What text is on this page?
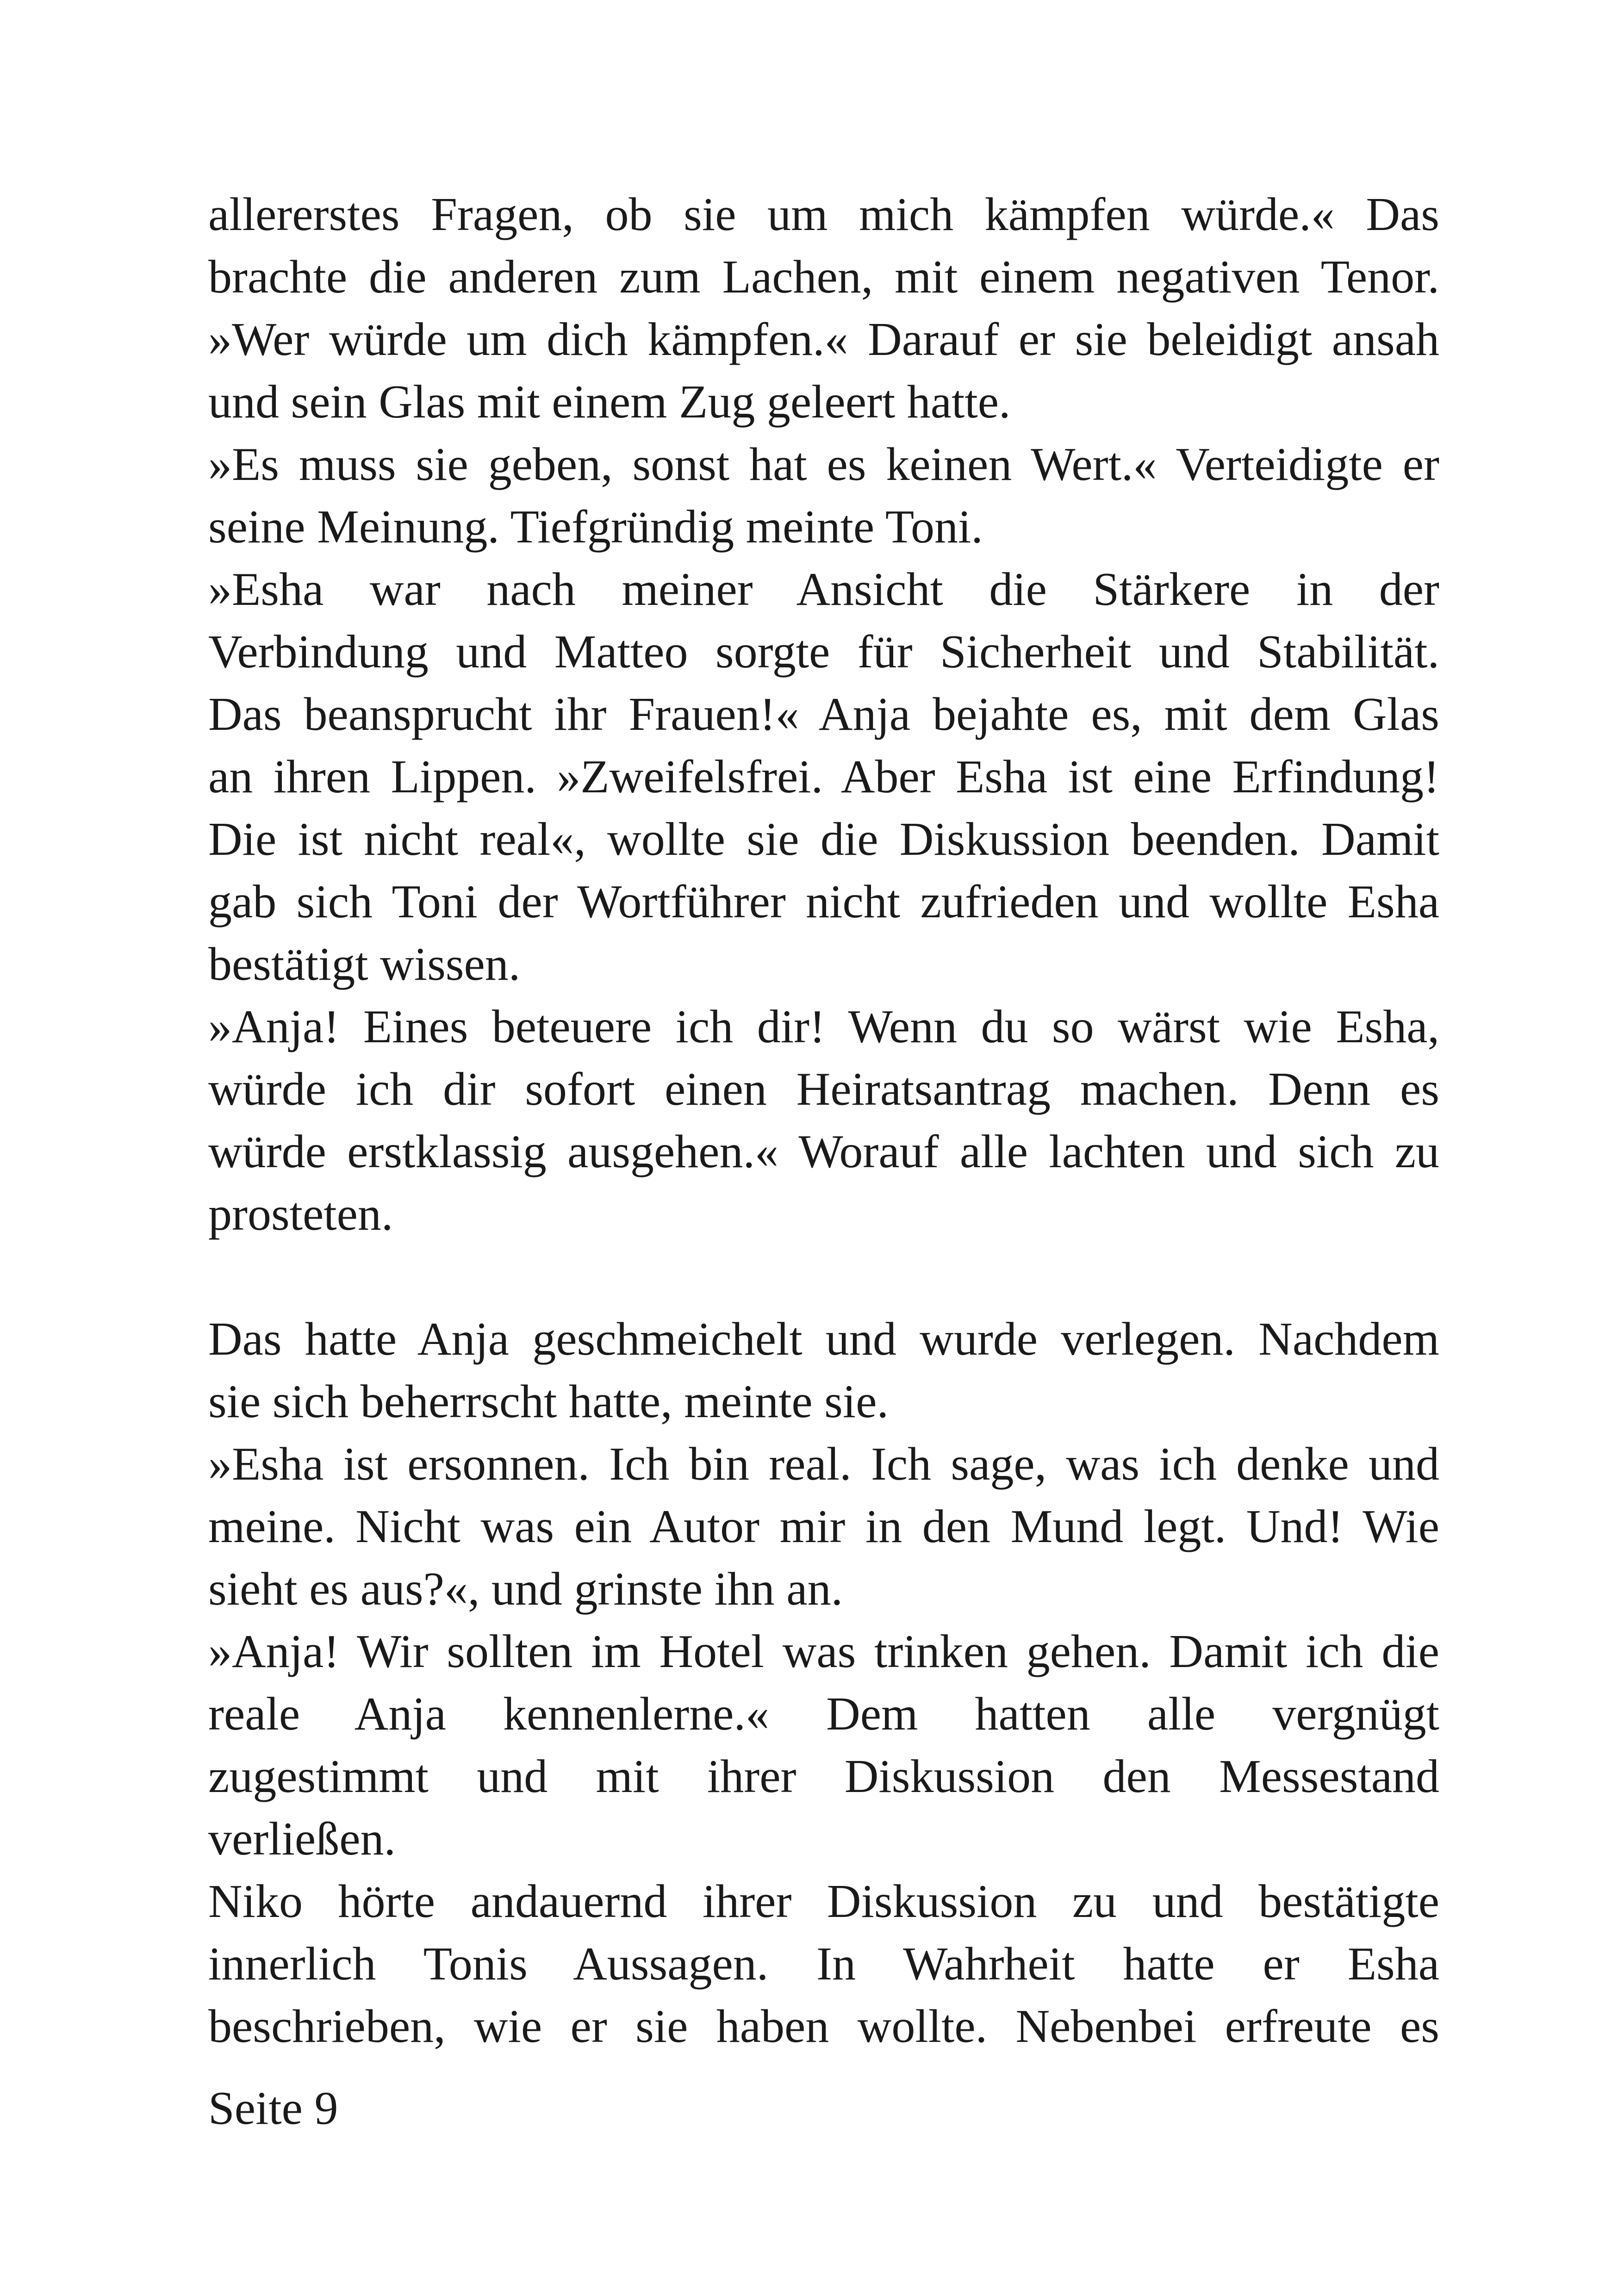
allererstes Fragen, ob sie um mich kämpfen würde.« Das
brachte die anderen zum Lachen, mit einem negativen Tenor.
»Wer würde um dich kämpfen.« Darauf er sie beleidigt ansah
und sein Glas mit einem Zug geleert hatte.
»Es muss sie geben, sonst hat es keinen Wert.« Verteidigte er
seine Meinung. Tiefgründig meinte Toni.
»Esha war nach meiner Ansicht die Stärkere in der
Verbindung und Matteo sorgte für Sicherheit und Stabilität.
Das beansprucht ihr Frauen!« Anja bejahte es, mit dem Glas
an ihren Lippen. »Zweifelsfrei. Aber Esha ist eine Erfindung!
Die ist nicht real«, wollte sie die Diskussion beenden. Damit
gab sich Toni der Wortführer nicht zufrieden und wollte Esha
bestätigt wissen.
»Anja! Eines beteuere ich dir! Wenn du so wärst wie Esha,
würde ich dir sofort einen Heiratsantrag machen. Denn es
würde erstklassig ausgehen.« Worauf alle lachten und sich zu
prosteten.
Das hatte Anja geschmeichelt und wurde verlegen. Nachdem
sie sich beherrscht hatte, meinte sie.
»Esha ist ersonnen. Ich bin real. Ich sage, was ich denke und
meine. Nicht was ein Autor mir in den Mund legt. Und! Wie
sieht es aus?«, und grinste ihn an.
»Anja! Wir sollten im Hotel was trinken gehen. Damit ich die
reale Anja kennenlerne.« Dem hatten alle vergnügt
zugestimmt und mit ihrer Diskussion den Messestand
verließen.
Niko hörte andauernd ihrer Diskussion zu und bestätigte
innerlich Tonis Aussagen. In Wahrheit hatte er Esha
beschrieben, wie er sie haben wollte. Nebenbei erfreute es

Seite 9
